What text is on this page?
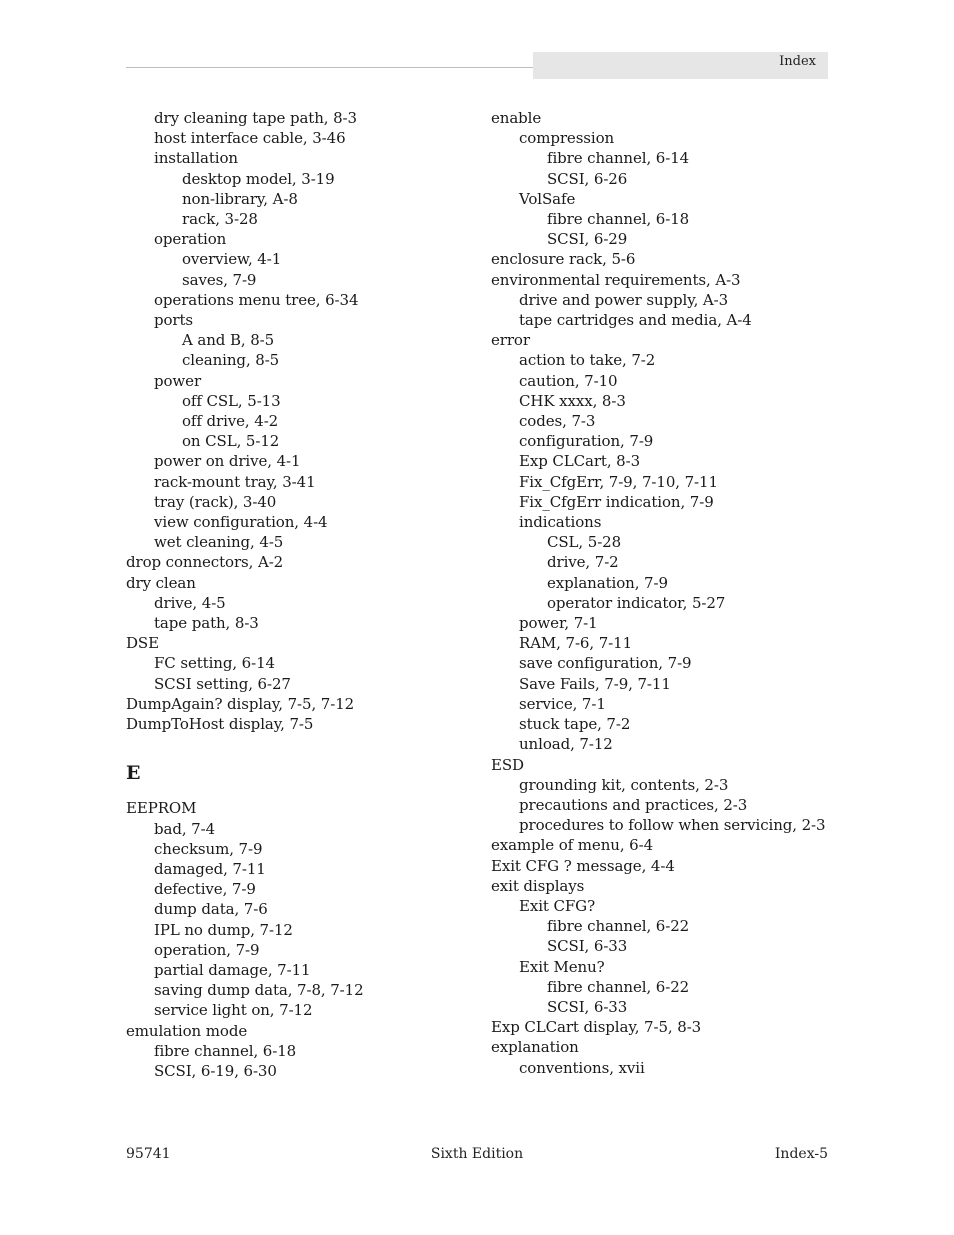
Index
dry cleaning tape path, 8-3
host interface cable, 3-46
installation
desktop model, 3-19
non-library, A-8
rack, 3-28
operation
overview, 4-1
saves, 7-9
operations menu tree, 6-34
ports
A and B, 8-5
cleaning, 8-5
power
off CSL, 5-13
off drive, 4-2
on CSL, 5-12
power on drive, 4-1
rack-mount tray, 3-41
tray (rack), 3-40
view configuration, 4-4
wet cleaning, 4-5
drop connectors, A-2
dry clean
drive, 4-5
tape path, 8-3
DSE
FC setting, 6-14
SCSI setting, 6-27
DumpAgain? display, 7-5, 7-12
DumpToHost display, 7-5
E
EEPROM
bad, 7-4
checksum, 7-9
damaged, 7-11
defective, 7-9
dump data, 7-6
IPL no dump, 7-12
operation, 7-9
partial damage, 7-11
saving dump data, 7-8, 7-12
service light on, 7-12
emulation mode
fibre channel, 6-18
SCSI, 6-19, 6-30
enable
compression
fibre channel, 6-14
SCSI, 6-26
VolSafe
fibre channel, 6-18
SCSI, 6-29
enclosure rack, 5-6
environmental requirements, A-3
drive and power supply, A-3
tape cartridges and media, A-4
error
action to take, 7-2
caution, 7-10
CHK xxxx, 8-3
codes, 7-3
configuration, 7-9
Exp CLCart, 8-3
Fix_CfgErr, 7-9, 7-10, 7-11
Fix_CfgErr indication, 7-9
indications
CSL, 5-28
drive, 7-2
explanation, 7-9
operator indicator, 5-27
power, 7-1
RAM, 7-6, 7-11
save configuration, 7-9
Save Fails, 7-9, 7-11
service, 7-1
stuck tape, 7-2
unload, 7-12
ESD
grounding kit, contents, 2-3
precautions and practices, 2-3
procedures to follow when servicing, 2-3
example of menu, 6-4
Exit CFG ? message, 4-4
exit displays
Exit CFG?
fibre channel, 6-22
SCSI, 6-33
Exit Menu?
fibre channel, 6-22
SCSI, 6-33
Exp CLCart display, 7-5, 8-3
explanation
conventions, xvii
95741	Sixth Edition	Index-5
